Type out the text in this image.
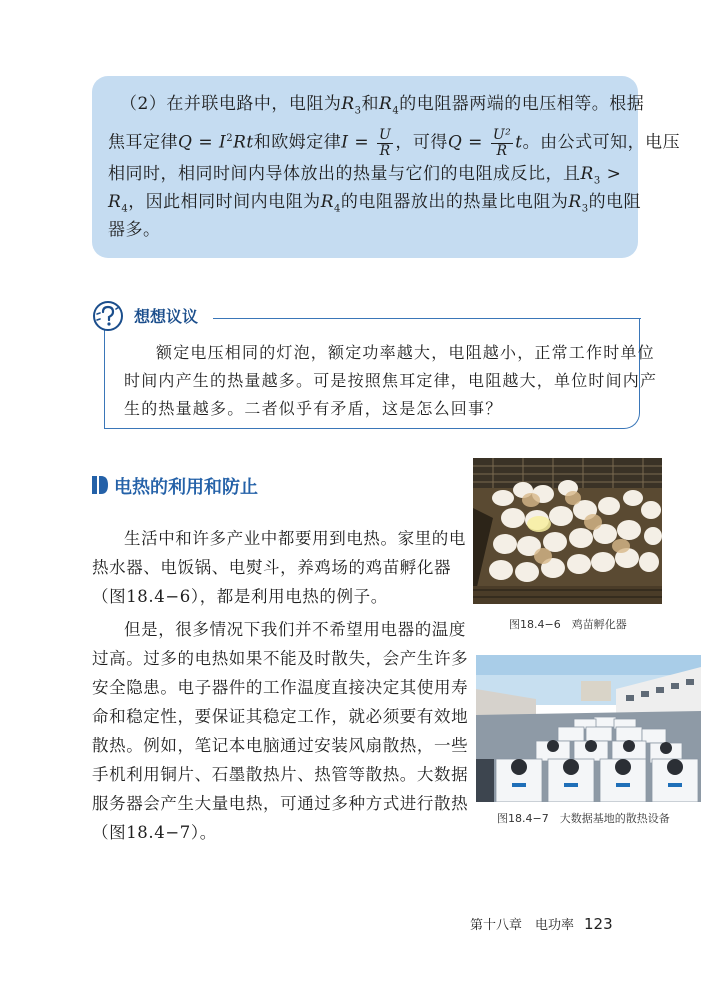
（2）在并联电路中，电阻为$R_3$和$R_4$的电阻器两端的电压相等。根据
焦耳定律$Q = I^2Rt$和欧姆定律$I = \frac{U}{R}$ ，可得$Q = \frac{\text{U²}}{R}$ t。由公式可知，电压
相同时，相同时间内导体放出的热量与它们的电阻成反比，且$R_3$ >
$R_4$，因此相同时间内电阻为$R_4$的电阻器放出的热量比电阻为$R_3$的电阻
器多。
想想议议
额定电压相同的灯泡，额定功率越大，电阻越小，正常工作时单位
时间内产生的热量越多。可是按照焦耳定律，电阻越大，单位时间内产
生的热量越多。二者似乎有矛盾，这是怎么回事？
电热的利用和防止
生活中和许多产业中都要用到电热。家里的电
热水器、电饭锅、电熨斗，养鸡场的鸡苗孵化器
（图18.4−6），都是利用电热的例子。
但是，很多情况下我们并不希望用电器的温度
过高。过多的电热如果不能及时散失，会产生许多
安全隐患。电子器件的工作温度直接决定其使用寿
命和稳定性，要保证其稳定工作，就必须要有效地
散热。例如，笔记本电脑通过安装风扇散热，一些
手机利用铜片、石墨散热片、热管等散热。大数据
服务器会产生大量电热，可通过多种方式进行散热
（图18.4−7）。
图18.4−6　鸡苗孵化器
图18.4−7　大数据基地的散热设备
第十八章　电功率 123
